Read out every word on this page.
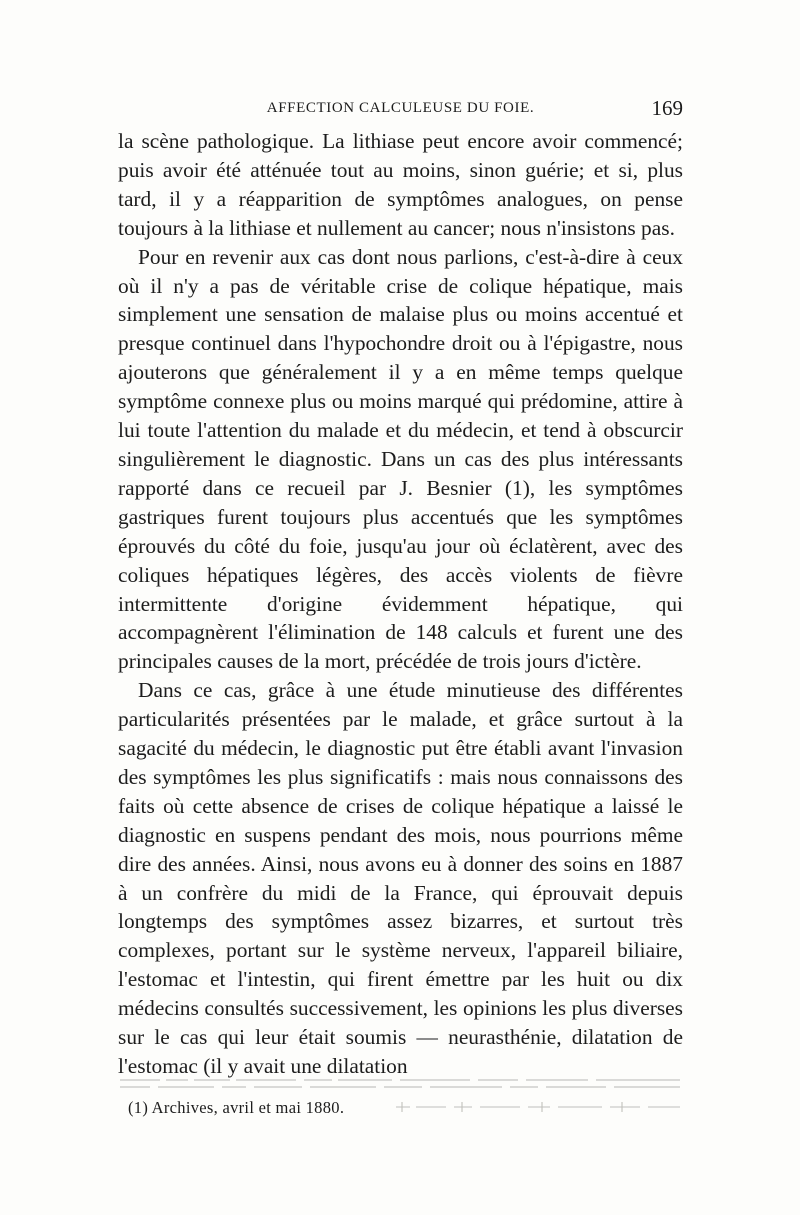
AFFECTION CALCULEUSE DU FOIE.	169

la scène pathologique. La lithiase peut encore avoir commencé; puis avoir été atténuée tout au moins, sinon guérie; et si, plus tard, il y a réapparition de symptômes analogues, on pense toujours à la lithiase et nullement au cancer; nous n'insistons pas.

Pour en revenir aux cas dont nous parlions, c'est-à-dire à ceux où il n'y a pas de véritable crise de colique hépatique, mais simplement une sensation de malaise plus ou moins accentué et presque continuel dans l'hypochondre droit ou à l'épigastre, nous ajouterons que généralement il y a en même temps quelque symptôme connexe plus ou moins marqué qui prédomine, attire à lui toute l'attention du malade et du médecin, et tend à obscurcir singulièrement le diagnostic. Dans un cas des plus intéressants rapporté dans ce recueil par J. Besnier (1), les symptômes gastriques furent toujours plus accentués que les symptômes éprouvés du côté du foie, jusqu'au jour où éclatèrent, avec des coliques hépatiques légères, des accès violents de fièvre intermittente d'origine évidemment hépatique, qui accompagnèrent l'élimination de 148 calculs et furent une des principales causes de la mort, précédée de trois jours d'ictère.

Dans ce cas, grâce à une étude minutieuse des différentes particularités présentées par le malade, et grâce surtout à la sagacité du médecin, le diagnostic put être établi avant l'invasion des symptômes les plus significatifs : mais nous connaissons des faits où cette absence de crises de colique hépatique a laissé le diagnostic en suspens pendant des mois, nous pourrions même dire des années. Ainsi, nous avons eu à donner des soins en 1887 à un confrère du midi de la France, qui éprouvait depuis longtemps des symptômes assez bizarres, et surtout très complexes, portant sur le système nerveux, l'appareil biliaire, l'estomac et l'intestin, qui firent émettre par les huit ou dix médecins consultés successivement, les opinions les plus diverses sur le cas qui leur était soumis — neurasthénie, dilatation de l'estomac (il y avait une dilatation

(1) Archives, avril et mai 1880.
